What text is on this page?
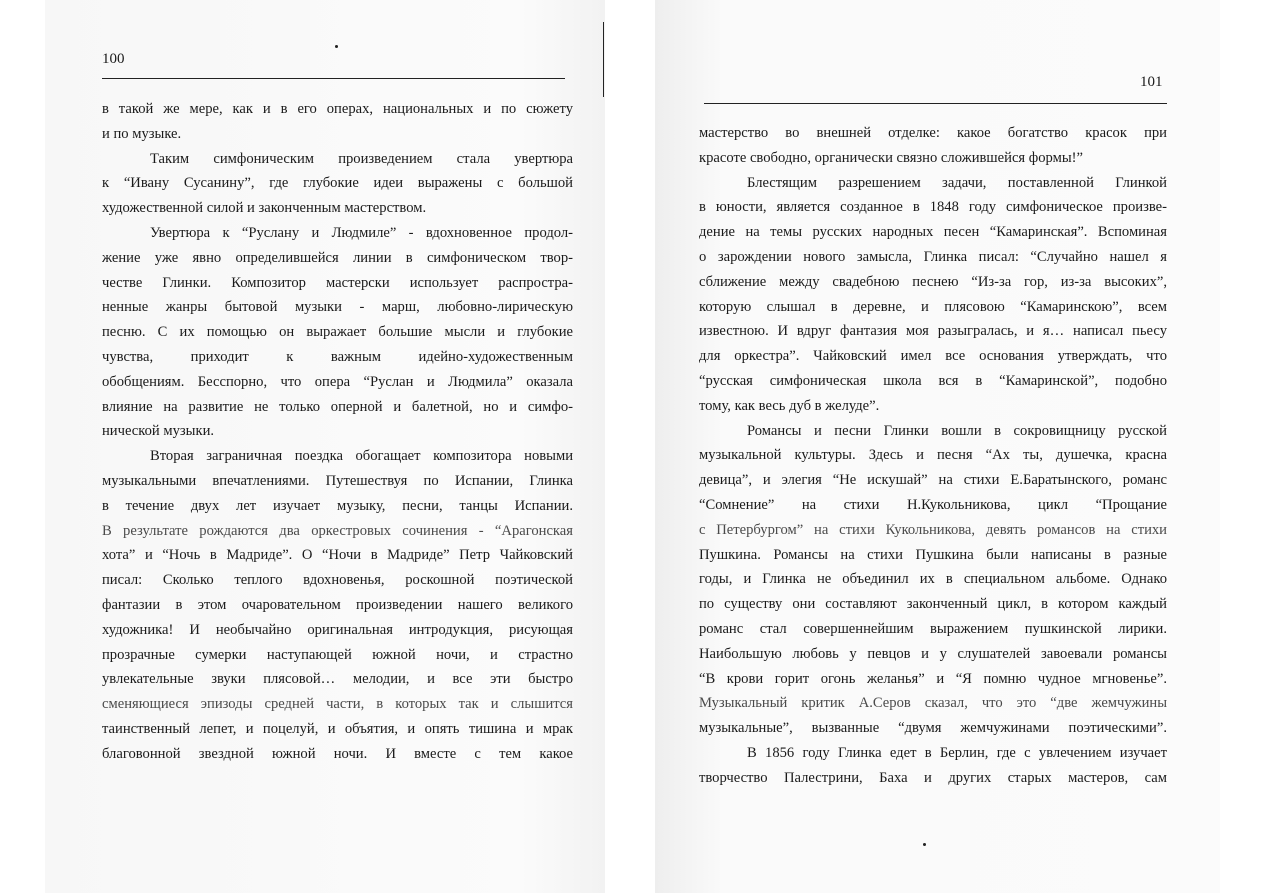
100
в такой же мере, как и в его операх, национальных и по сюжету
и по музыке.
Таким симфоническим произведением стала увертюра
к “Ивану Сусанину”, где глубокие идеи выражены с большой
художественной силой и законченным мастерством.
Увертюра к “Руслану и Людмиле” - вдохновенное продол-
жение уже явно определившейся линии в симфоническом твор-
честве Глинки. Композитор мастерски использует распростра-
ненные жанры бытовой музыки - марш, любовно-лирическую
песню. С их помощью он выражает большие мысли и глубокие
чувства, приходит к важным идейно-художественным
обобщениям. Бесспорно, что опера “Руслан и Людмила” оказала
влияние на развитие не только оперной и балетной, но и симфо-
нической музыки.
Вторая заграничная поездка обогащает композитора новыми
музыкальными впечатлениями. Путешествуя по Испании, Глинка
в течение двух лет изучает музыку, песни, танцы Испании.
В результате рождаются два оркестровых сочинения - “Арагонская
хота” и “Ночь в Мадриде”. О “Ночи в Мадриде” Петр Чайковский
писал: Сколько теплого вдохновенья, роскошной поэтической
фантазии в этом очаровательном произведении нашего великого
художника! И необычайно оригинальная интродукция, рисующая
прозрачные сумерки наступающей южной ночи, и страстно
увлекательные звуки плясовой… мелодии, и все эти быстро
сменяющиеся эпизоды средней части, в которых так и слышится
таинственный лепет, и поцелуй, и объятия, и опять тишина и мрак
благовонной звездной южной ночи. И вместе с тем какое
101
мастерство во внешней отделке: какое богатство красок при
красоте свободно, органически связно сложившейся формы!”
Блестящим разрешением задачи, поставленной Глинкой
в юности, является созданное в 1848 году симфоническое произве-
дение на темы русских народных песен “Камаринская”. Вспоминая
о зарождении нового замысла, Глинка писал: “Случайно нашел я
сближение между свадебною песнею “Из-за гор, из-за высоких”,
которую слышал в деревне, и плясовою “Камаринскою”, всем
известною. И вдруг фантазия моя разыгралась, и я… написал пьесу
для оркестра”. Чайковский имел все основания утверждать, что
“русская симфоническая школа вся в “Камаринской”, подобно
тому, как весь дуб в желуде”.
Романсы и песни Глинки вошли в сокровищницу русской
музыкальной культуры. Здесь и песня “Ах ты, душечка, красна
девица”, и элегия “Не искушай” на стихи Е.Баратынского, романс
“Сомнение” на стихи Н.Кукольникова, цикл “Прощание
с Петербургом” на стихи Кукольникова, девять романсов на стихи
Пушкина. Романсы на стихи Пушкина были написаны в разные
годы, и Глинка не объединил их в специальном альбоме. Однако
по существу они составляют законченный цикл, в котором каждый
романс стал совершеннейшим выражением пушкинской лирики.
Наибольшую любовь у певцов и у слушателей завоевали романсы
“В крови горит огонь желанья” и “Я помню чудное мгновенье”.
Музыкальный критик А.Серов сказал, что это “две жемчужины
музыкальные”, вызванные “двумя жемчужинами поэтическими”.
В 1856 году Глинка едет в Берлин, где с увлечением изучает
творчество Палестрини, Баха и других старых мастеров, сам
